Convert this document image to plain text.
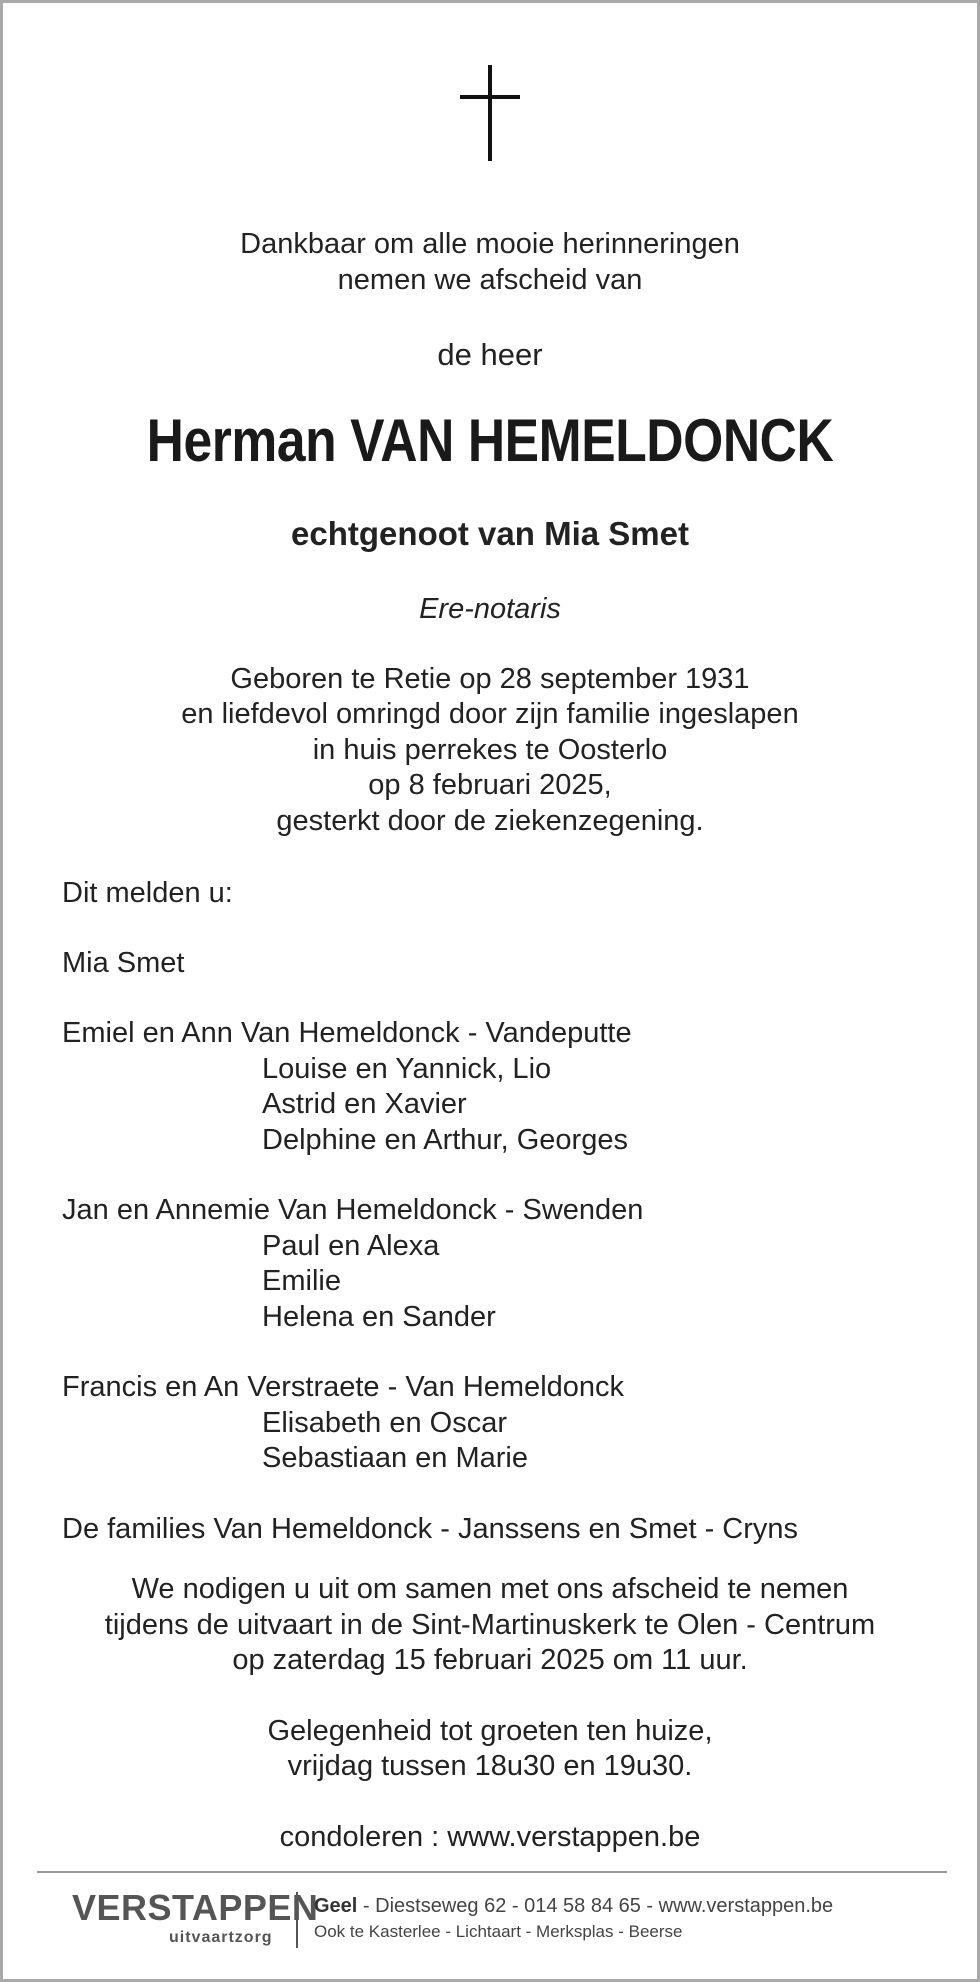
Dankbaar om alle mooie herinneringen
nemen we afscheid van
de heer
Herman VAN HEMELDONCK
echtgenoot van Mia Smet
Ere-notaris
Geboren te Retie op 28 september 1931
en liefdevol omringd door zijn familie ingeslapen
in huis perrekes te Oosterlo
op 8 februari 2025,
gesterkt door de ziekenzegening.
Dit melden u:
Mia Smet
Emiel en Ann Van Hemeldonck - Vandeputte
Louise en Yannick, Lio
Astrid en Xavier
Delphine en Arthur, Georges
Jan en Annemie Van Hemeldonck - Swenden
Paul en Alexa
Emilie
Helena en Sander
Francis en An Verstraete - Van Hemeldonck
Elisabeth en Oscar
Sebastiaan en Marie
De families Van Hemeldonck - Janssens en Smet - Cryns
We nodigen u uit om samen met ons afscheid te nemen
tijdens de uitvaart in de Sint-Martinuskerk te Olen - Centrum
op zaterdag 15 februari 2025 om 11 uur.
Gelegenheid tot groeten ten huize,
vrijdag tussen 18u30 en 19u30.
condoleren : www.verstappen.be
VERSTAPPEN
uitvaartzorg
Geel - Diestseweg 62 - 014 58 84 65 - www.verstappen.be
Ook te Kasterlee - Lichtaart - Merksplas - Beerse
